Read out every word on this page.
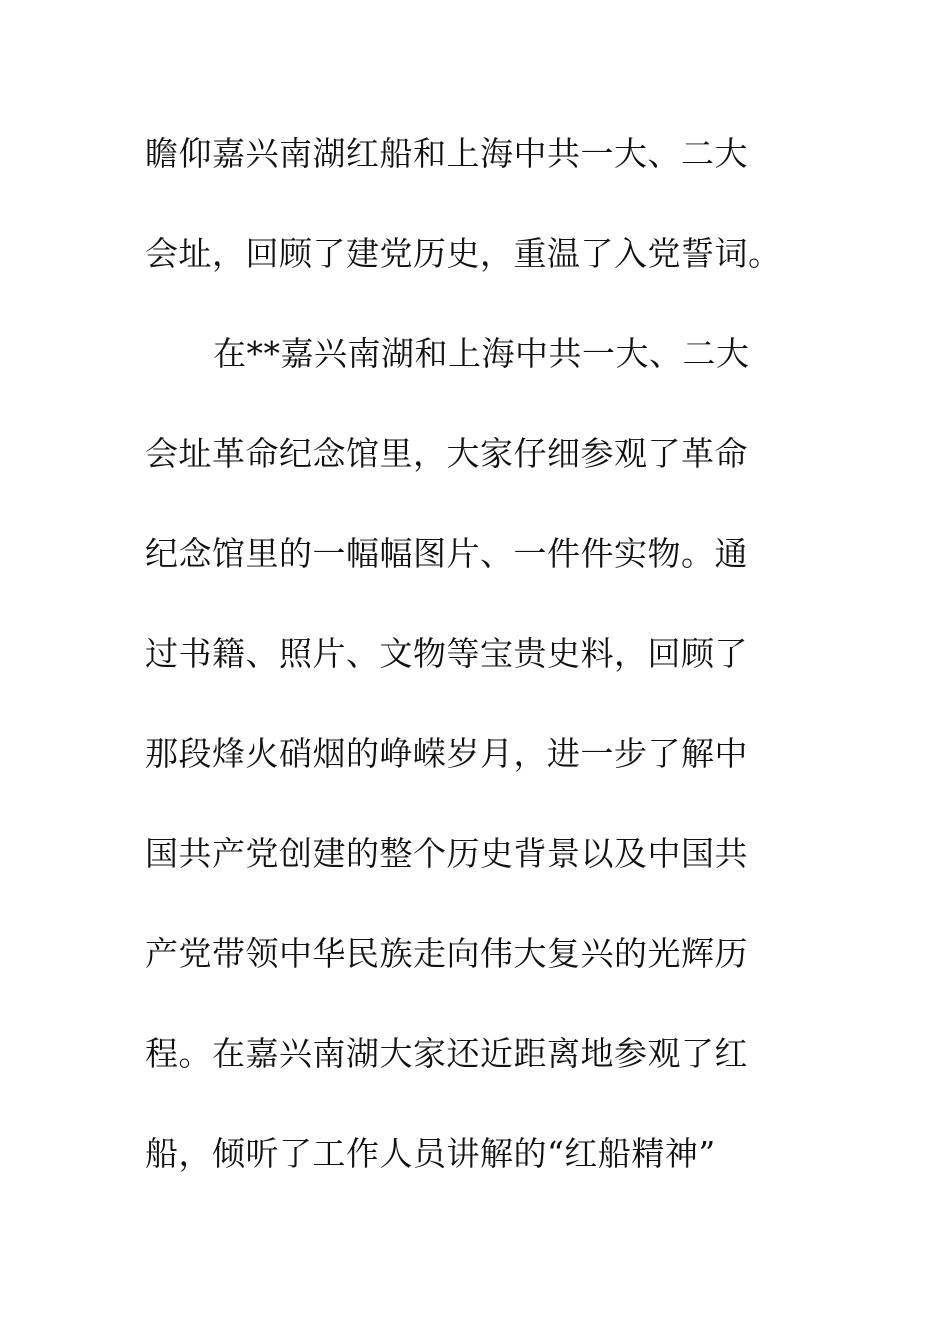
瞻仰嘉兴南湖红船和上海中共一大、二大
会址，回顾了建党历史，重温了入党誓词。
在**嘉兴南湖和上海中共一大、二大
会址革命纪念馆里，大家仔细参观了革命
纪念馆里的一幅幅图片、一件件实物。通
过书籍、照片、文物等宝贵史料，回顾了
那段烽火硝烟的峥嵘岁月，进一步了解中
国共产党创建的整个历史背景以及中国共
产党带领中华民族走向伟大复兴的光辉历
程。在嘉兴南湖大家还近距离地参观了红
船，倾听了工作人员讲解的“红船精神”
